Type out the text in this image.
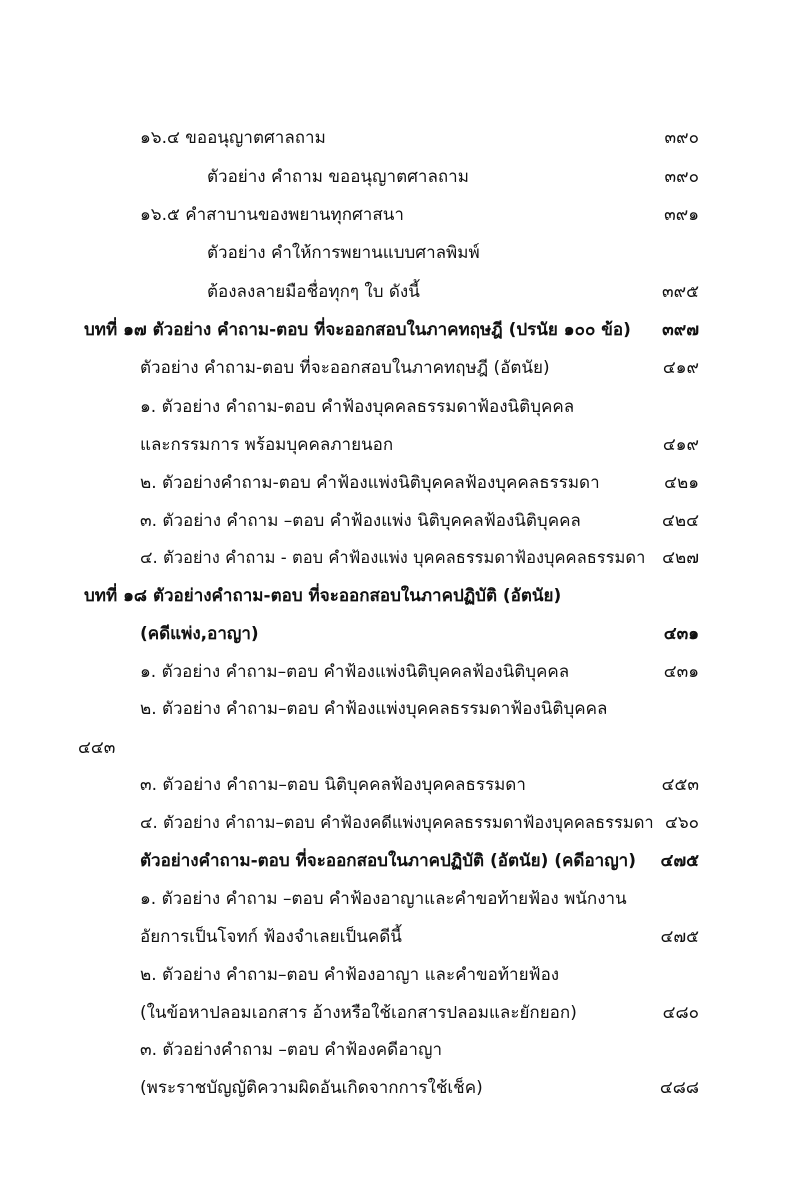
๑๖.๔ ขออนุญาตศาลถาม	๓๙๐
ตัวอย่าง คำถาม ขออนุญาตศาลถาม	๓๙๐
๑๖.๕ คำสาบานของพยานทุกศาสนา	๓๙๑
ตัวอย่าง คำให้การพยานแบบศาลพิมพ์
ต้องลงลายมือชื่อทุกๆ ใบ ดังนี้	๓๙๕
บทที่ ๑๗ ตัวอย่าง คำถาม-ตอบ ที่จะออกสอบในภาคทฤษฎี (ปรนัย ๑๐๐ ข้อ) ๓๙๗
ตัวอย่าง คำถาม-ตอบ ที่จะออกสอบในภาคทฤษฎี (อัตนัย)	๔๑๙
๑. ตัวอย่าง คำถาม-ตอบ คำฟ้องบุคคลธรรมดาฟ้องนิติบุคคล
และกรรมการ พร้อมบุคคลภายนอก	๔๑๙
๒. ตัวอย่างคำถาม-ตอบ คำฟ้องแพ่งนิติบุคคลฟ้องบุคคลธรรมดา	๔๒๑
๓. ตัวอย่าง คำถาม –ตอบ คำฟ้องแพ่ง นิติบุคคลฟ้องนิติบุคคล	๔๒๔
๔. ตัวอย่าง คำถาม - ตอบ คำฟ้องแพ่ง บุคคลธรรมดาฟ้องบุคคลธรรมดา ๔๒๗
บทที่ ๑๘ ตัวอย่างคำถาม-ตอบ ที่จะออกสอบในภาคปฏิบัติ (อัตนัย)
(คดีแพ่ง,อาญา)	๔๓๑
๑. ตัวอย่าง คำถาม–ตอบ คำฟ้องแพ่งนิติบุคคลฟ้องนิติบุคคล	๔๓๑
๒. ตัวอย่าง คำถาม–ตอบ คำฟ้องแพ่งบุคคลธรรมดาฟ้องนิติบุคคล
๔๔๓
๓. ตัวอย่าง คำถาม–ตอบ นิติบุคคลฟ้องบุคคลธรรมดา	๔๕๓
๔. ตัวอย่าง คำถาม–ตอบ คำฟ้องคดีแพ่งบุคคลธรรมดาฟ้องบุคคลธรรมดา ๔๖๐
ตัวอย่างคำถาม-ตอบ ที่จะออกสอบในภาคปฏิบัติ (อัตนัย) (คดีอาญา) ๔๗๕
๑. ตัวอย่าง คำถาม –ตอบ คำฟ้องอาญาและคำขอท้ายฟ้อง พนักงาน
อัยการเป็นโจทก์ ฟ้องจำเลยเป็นคดีนี้	๔๗๕
๒. ตัวอย่าง คำถาม–ตอบ คำฟ้องอาญา และคำขอท้ายฟ้อง
(ในข้อหาปลอมเอกสาร อ้างหรือใช้เอกสารปลอมและยักยอก)	๔๘๐
๓. ตัวอย่างคำถาม –ตอบ คำฟ้องคดีอาญา
(พระราชบัญญัติความผิดอันเกิดจากการใช้เช็ค)	๔๘๘
